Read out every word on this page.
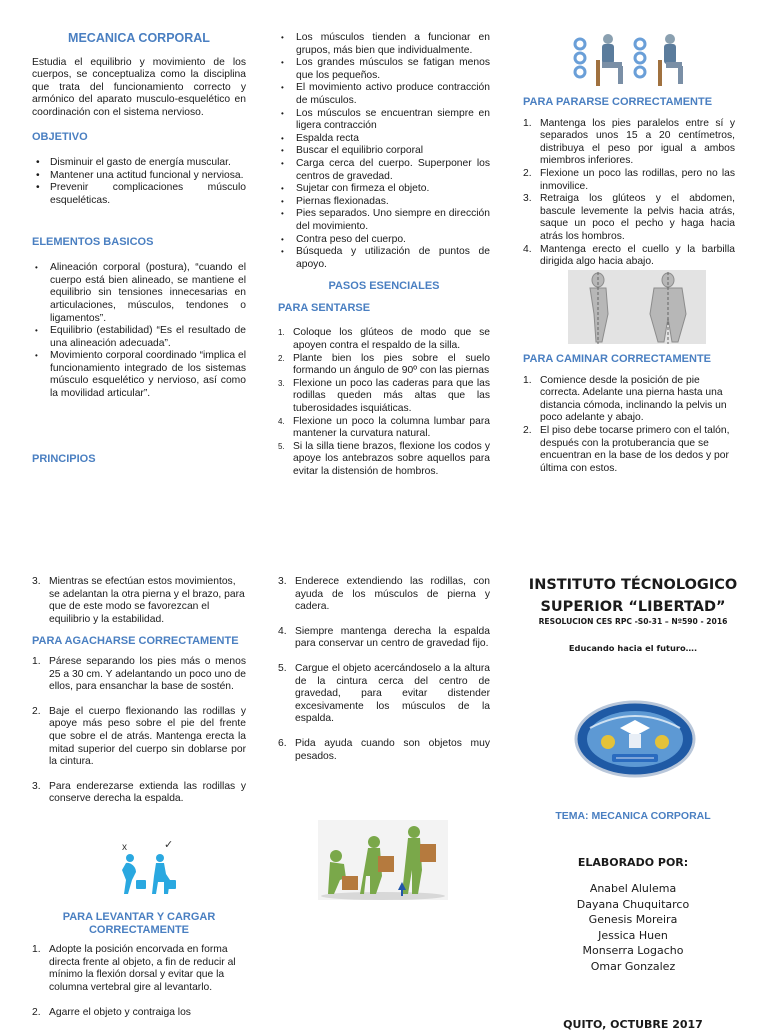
MECANICA CORPORAL
Estudia el equilibrio y movimiento de los cuerpos, se conceptualiza como la disciplina que trata del funcionamiento correcto y armónico del aparato musculo-esquelético en coordinación con el sistema nervioso.
OBJETIVO
• Disminuir el gasto de energía muscular.
• Mantener una actitud funcional y nerviosa.
• Prevenir complicaciones músculo esqueléticas.
ELEMENTOS BASICOS
• Alineación corporal (postura), “cuando el cuerpo está bien alineado, se mantiene el equilibrio sin tensiones innecesarias en articulaciones, músculos, tendones o ligamentos”.
• Equilibrio (estabilidad) “Es el resultado de una alineación adecuada”.
• Movimiento corporal coordinado “implica el funcionamiento integrado de los sistemas músculo esquelético y nervioso, así como la movilidad articular”.
PRINCIPIOS
• Los músculos tienden a funcionar en grupos, más bien que individualmente.
• Los grandes músculos se fatigan menos que los pequeños.
• El movimiento activo produce contracción de músculos.
• Los músculos se encuentran siempre en ligera contracción
• Espalda recta
• Buscar el equilibrio corporal
• Carga cerca del cuerpo. Superponer los centros de gravedad.
• Sujetar con firmeza el objeto.
• Piernas flexionadas.
• Pies separados. Uno siempre en dirección del movimiento.
• Contra peso del cuerpo.
• Búsqueda y utilización de puntos de apoyo.
PASOS ESENCIALES
PARA SENTARSE
1. Coloque los glúteos de modo que se apoyen contra el respaldo de la silla.
2. Plante bien los pies sobre el suelo formando un ángulo de 90º con las piernas
3. Flexione un poco las caderas para que las rodillas queden más altas que las tuberosidades isquiáticas.
4. Flexione un poco la columna lumbar para mantener la curvatura natural.
5. Si la silla tiene brazos, flexione los codos y apoye los antebrazos sobre aquellos para evitar la distensión de hombros.
PARA PARARSE CORRECTAMENTE
1. Mantenga los pies paralelos entre sí y separados unos 15 a 20 centímetros, distribuya el peso por igual a ambos miembros inferiores.
2. Flexione un poco las rodillas, pero no las inmovilice.
3. Retraiga los glúteos y el abdomen, bascule levemente la pelvis hacia atrás, saque un poco el pecho y haga hacia atrás los hombros.
4. Mantenga erecto el cuello y la barbilla dirigida algo hacia abajo.
PARA CAMINAR CORRECTAMENTE
1. Comience desde la posición de pie correcta. Adelante una pierna hasta una distancia cómoda, inclinando la pelvis un poco adelante y abajo.
2. El piso debe tocarse primero con el talón, después con la protuberancia que se encuentran en la base de los dedos y por última con estos.
3. Mientras se efectúan estos movimientos, se adelantan la otra pierna y el brazo, para que de este modo se favorezcan el equilibrio y la estabilidad.
PARA AGACHARSE CORRECTAMENTE
1. Párese separando los pies más o menos 25 a 30 cm. Y adelantando un poco uno de ellos, para ensanchar la base de sostén.
2. Baje el cuerpo flexionando las rodillas y apoye más peso sobre el pie del frente que sobre el de atrás. Mantenga erecta la mitad superior del cuerpo sin doblarse por la cintura.
3. Para enderezarse extienda las rodillas y conserve derecha la espalda.
x	✓
PARA LEVANTAR Y CARGAR
CORRECTAMENTE
1. Adopte la posición encorvada en forma directa frente al objeto, a fin de reducir al mínimo la flexión dorsal y evitar que la columna vertebral gire al levantarlo.
2. Agarre el objeto y contraiga los
3. Enderece extendiendo las rodillas, con ayuda de los músculos de pierna y cadera.
4. Siempre mantenga derecha la espalda para conservar un centro de gravedad fijo.
5. Cargue el objeto acercándoselo a la altura de la cintura cerca del centro de gravedad, para evitar distender excesivamente los músculos de la espalda.
6. Pida ayuda cuando son objetos muy pesados.
INSTITUTO TÉCNOLOGICO
SUPERIOR “LIBERTAD”
RESOLUCION CES RPC -S0-31 – Nº590 - 2016
Educando hacia el futuro….
TEMA: MECANICA CORPORAL
ELABORADO POR:
Anabel Alulema
Dayana Chuquitarco
Genesis Moreira
Jessica Huen
Monserra Logacho
Omar Gonzalez
QUITO, OCTUBRE 2017
